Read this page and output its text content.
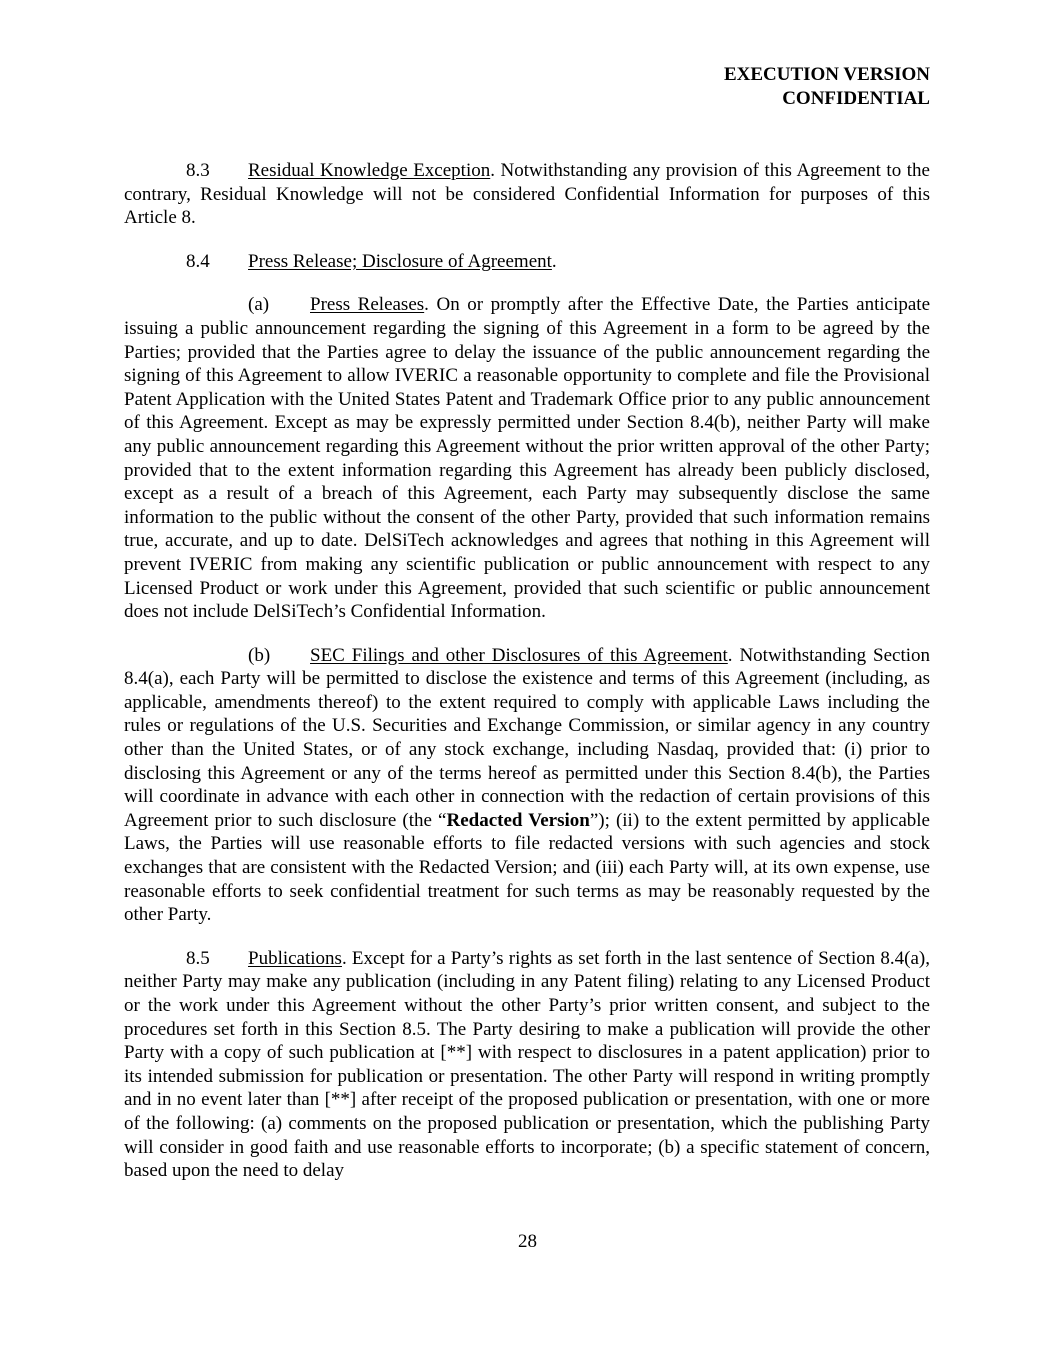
EXECUTION VERSION
CONFIDENTIAL

8.3 Residual Knowledge Exception. Notwithstanding any provision of this Agreement to the contrary, Residual Knowledge will not be considered Confidential Information for purposes of this Article 8.

8.4 Press Release; Disclosure of Agreement.

(a) Press Releases. On or promptly after the Effective Date, the Parties anticipate issuing a public announcement regarding the signing of this Agreement in a form to be agreed by the Parties; provided that the Parties agree to delay the issuance of the public announcement regarding the signing of this Agreement to allow IVERIC a reasonable opportunity to complete and file the Provisional Patent Application with the United States Patent and Trademark Office prior to any public announcement of this Agreement. Except as may be expressly permitted under Section 8.4(b), neither Party will make any public announcement regarding this Agreement without the prior written approval of the other Party; provided that to the extent information regarding this Agreement has already been publicly disclosed, except as a result of a breach of this Agreement, each Party may subsequently disclose the same information to the public without the consent of the other Party, provided that such information remains true, accurate, and up to date. DelSiTech acknowledges and agrees that nothing in this Agreement will prevent IVERIC from making any scientific publication or public announcement with respect to any Licensed Product or work under this Agreement, provided that such scientific or public announcement does not include DelSiTech’s Confidential Information.

(b) SEC Filings and other Disclosures of this Agreement. Notwithstanding Section 8.4(a), each Party will be permitted to disclose the existence and terms of this Agreement (including, as applicable, amendments thereof) to the extent required to comply with applicable Laws including the rules or regulations of the U.S. Securities and Exchange Commission, or similar agency in any country other than the United States, or of any stock exchange, including Nasdaq, provided that: (i) prior to disclosing this Agreement or any of the terms hereof as permitted under this Section 8.4(b), the Parties will coordinate in advance with each other in connection with the redaction of certain provisions of this Agreement prior to such disclosure (the “Redacted Version”); (ii) to the extent permitted by applicable Laws, the Parties will use reasonable efforts to file redacted versions with such agencies and stock exchanges that are consistent with the Redacted Version; and (iii) each Party will, at its own expense, use reasonable efforts to seek confidential treatment for such terms as may be reasonably requested by the other Party.

8.5 Publications. Except for a Party’s rights as set forth in the last sentence of Section 8.4(a), neither Party may make any publication (including in any Patent filing) relating to any Licensed Product or the work under this Agreement without the other Party’s prior written consent, and subject to the procedures set forth in this Section 8.5. The Party desiring to make a publication will provide the other Party with a copy of such publication at [**] with respect to disclosures in a patent application) prior to its intended submission for publication or presentation. The other Party will respond in writing promptly and in no event later than [**] after receipt of the proposed publication or presentation, with one or more of the following: (a) comments on the proposed publication or presentation, which the publishing Party will consider in good faith and use reasonable efforts to incorporate; (b) a specific statement of concern, based upon the need to delay

28
